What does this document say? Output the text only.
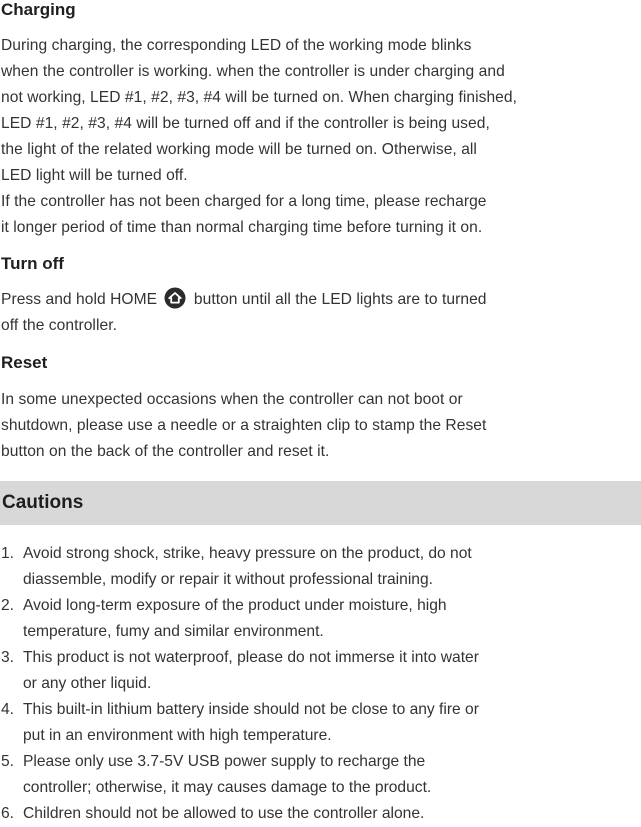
Charging

During charging, the corresponding LED of the working mode blinks
when the controller is working. when the controller is under charging and
not working, LED #1, #2, #3, #4 will be turned on. When charging finished,
LED #1, #2, #3, #4 will be turned off and if the controller is being used,
the light of the related working mode will be turned on. Otherwise, all
LED light will be turned off.

If the controller has not been charged for a long time, please recharge
it longer period of time than normal charging time before turning it on.

Turn off

Press and hold HOME button until all the LED lights are to turned
off the controller.

Reset

In some unexpected occasions when the controller can not boot or
shutdown, please use a needle or a straighten clip to stamp the Reset
button on the back of the controller and reset it.

Cautions
1. Avoid strong shock, strike, heavy pressure on the product, do not
diassemble, modify or repair it without professional training.
2. Avoid long-term exposure of the product under moisture, high
temperature, fumy and similar environment.
3. This product is not waterproof, please do not immerse it into water
or any other liquid.
4. This built-in lithium battery inside should not be close to any fire or
put in an environment with high temperature.
5. Please only use 3.7-5V USB power supply to recharge the
controller; otherwise, it may causes damage to the product.
6. Children should not be allowed to use the controller alone.
